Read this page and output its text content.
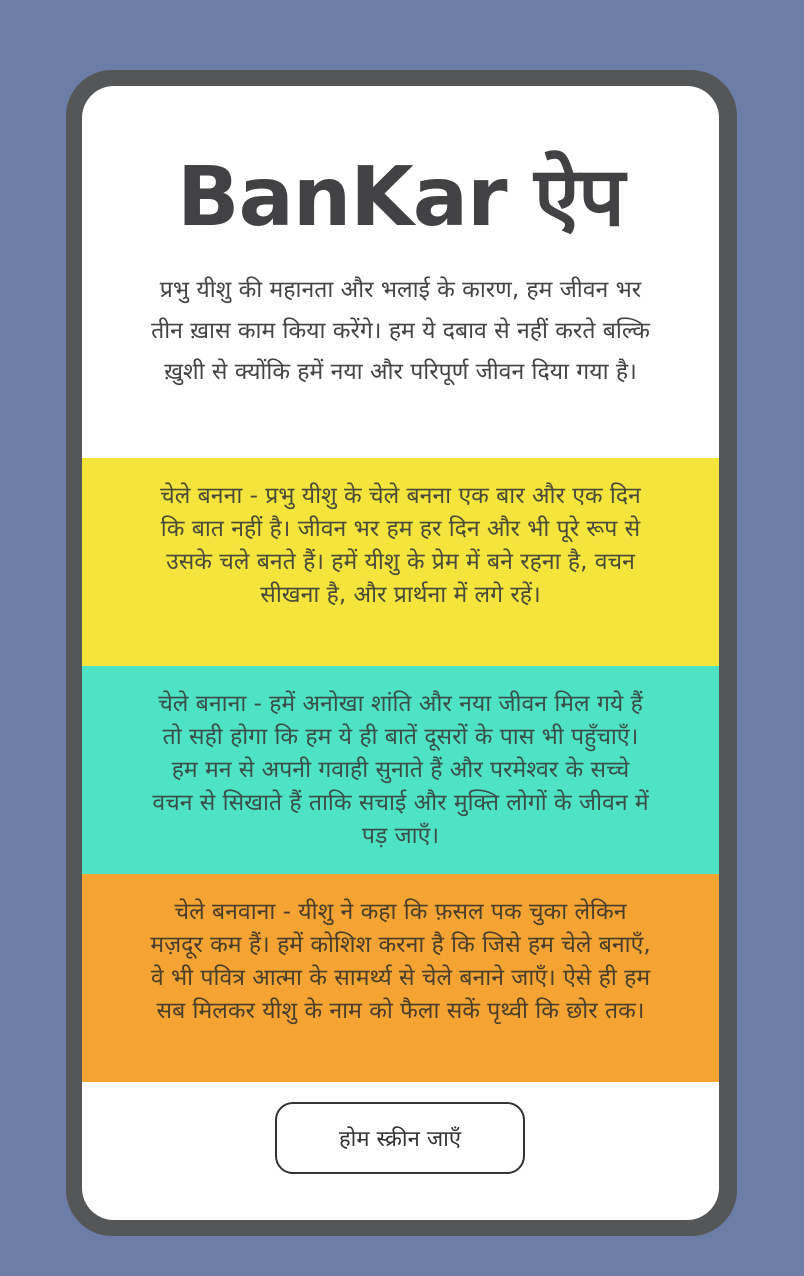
BanKar ऐप
प्रभु यीशु की महानता और भलाई के कारण, हम जीवन भर तीन ख़ास काम किया करेंगे। हम ये दबाव से नहीं करते बल्कि ख़ुशी से क्योंकि हमें नया और परिपूर्ण जीवन दिया गया है।
चेले बनना - प्रभु यीशु के चेले बनना एक बार और एक दिन कि बात नहीं है। जीवन भर हम हर दिन और भी पूरे रूप से उसके चले बनते हैं। हमें यीशु के प्रेम में बने रहना है, वचन सीखना है, और प्रार्थना में लगे रहें।
चेले बनाना - हमें अनोखा शांति और नया जीवन मिल गये हैं तो सही होगा कि हम ये ही बातें दूसरों के पास भी पहुँचाएँ। हम मन से अपनी गवाही सुनाते हैं और परमेश्वर के सच्चे वचन से सिखाते हैं ताकि सचाई और मुक्ति लोगों के जीवन में पड़ जाएँ।
चेले बनवाना - यीशु ने कहा कि फ़सल पक चुका लेकिन मज़दूर कम हैं। हमें कोशिश करना है कि जिसे हम चेले बनाएँ, वे भी पवित्र आत्मा के सामर्थ्य से चेले बनाने जाएँ। ऐसे ही हम सब मिलकर यीशु के नाम को फैला सकें पृथ्वी कि छोर तक।
होम स्क्रीन जाएँ
